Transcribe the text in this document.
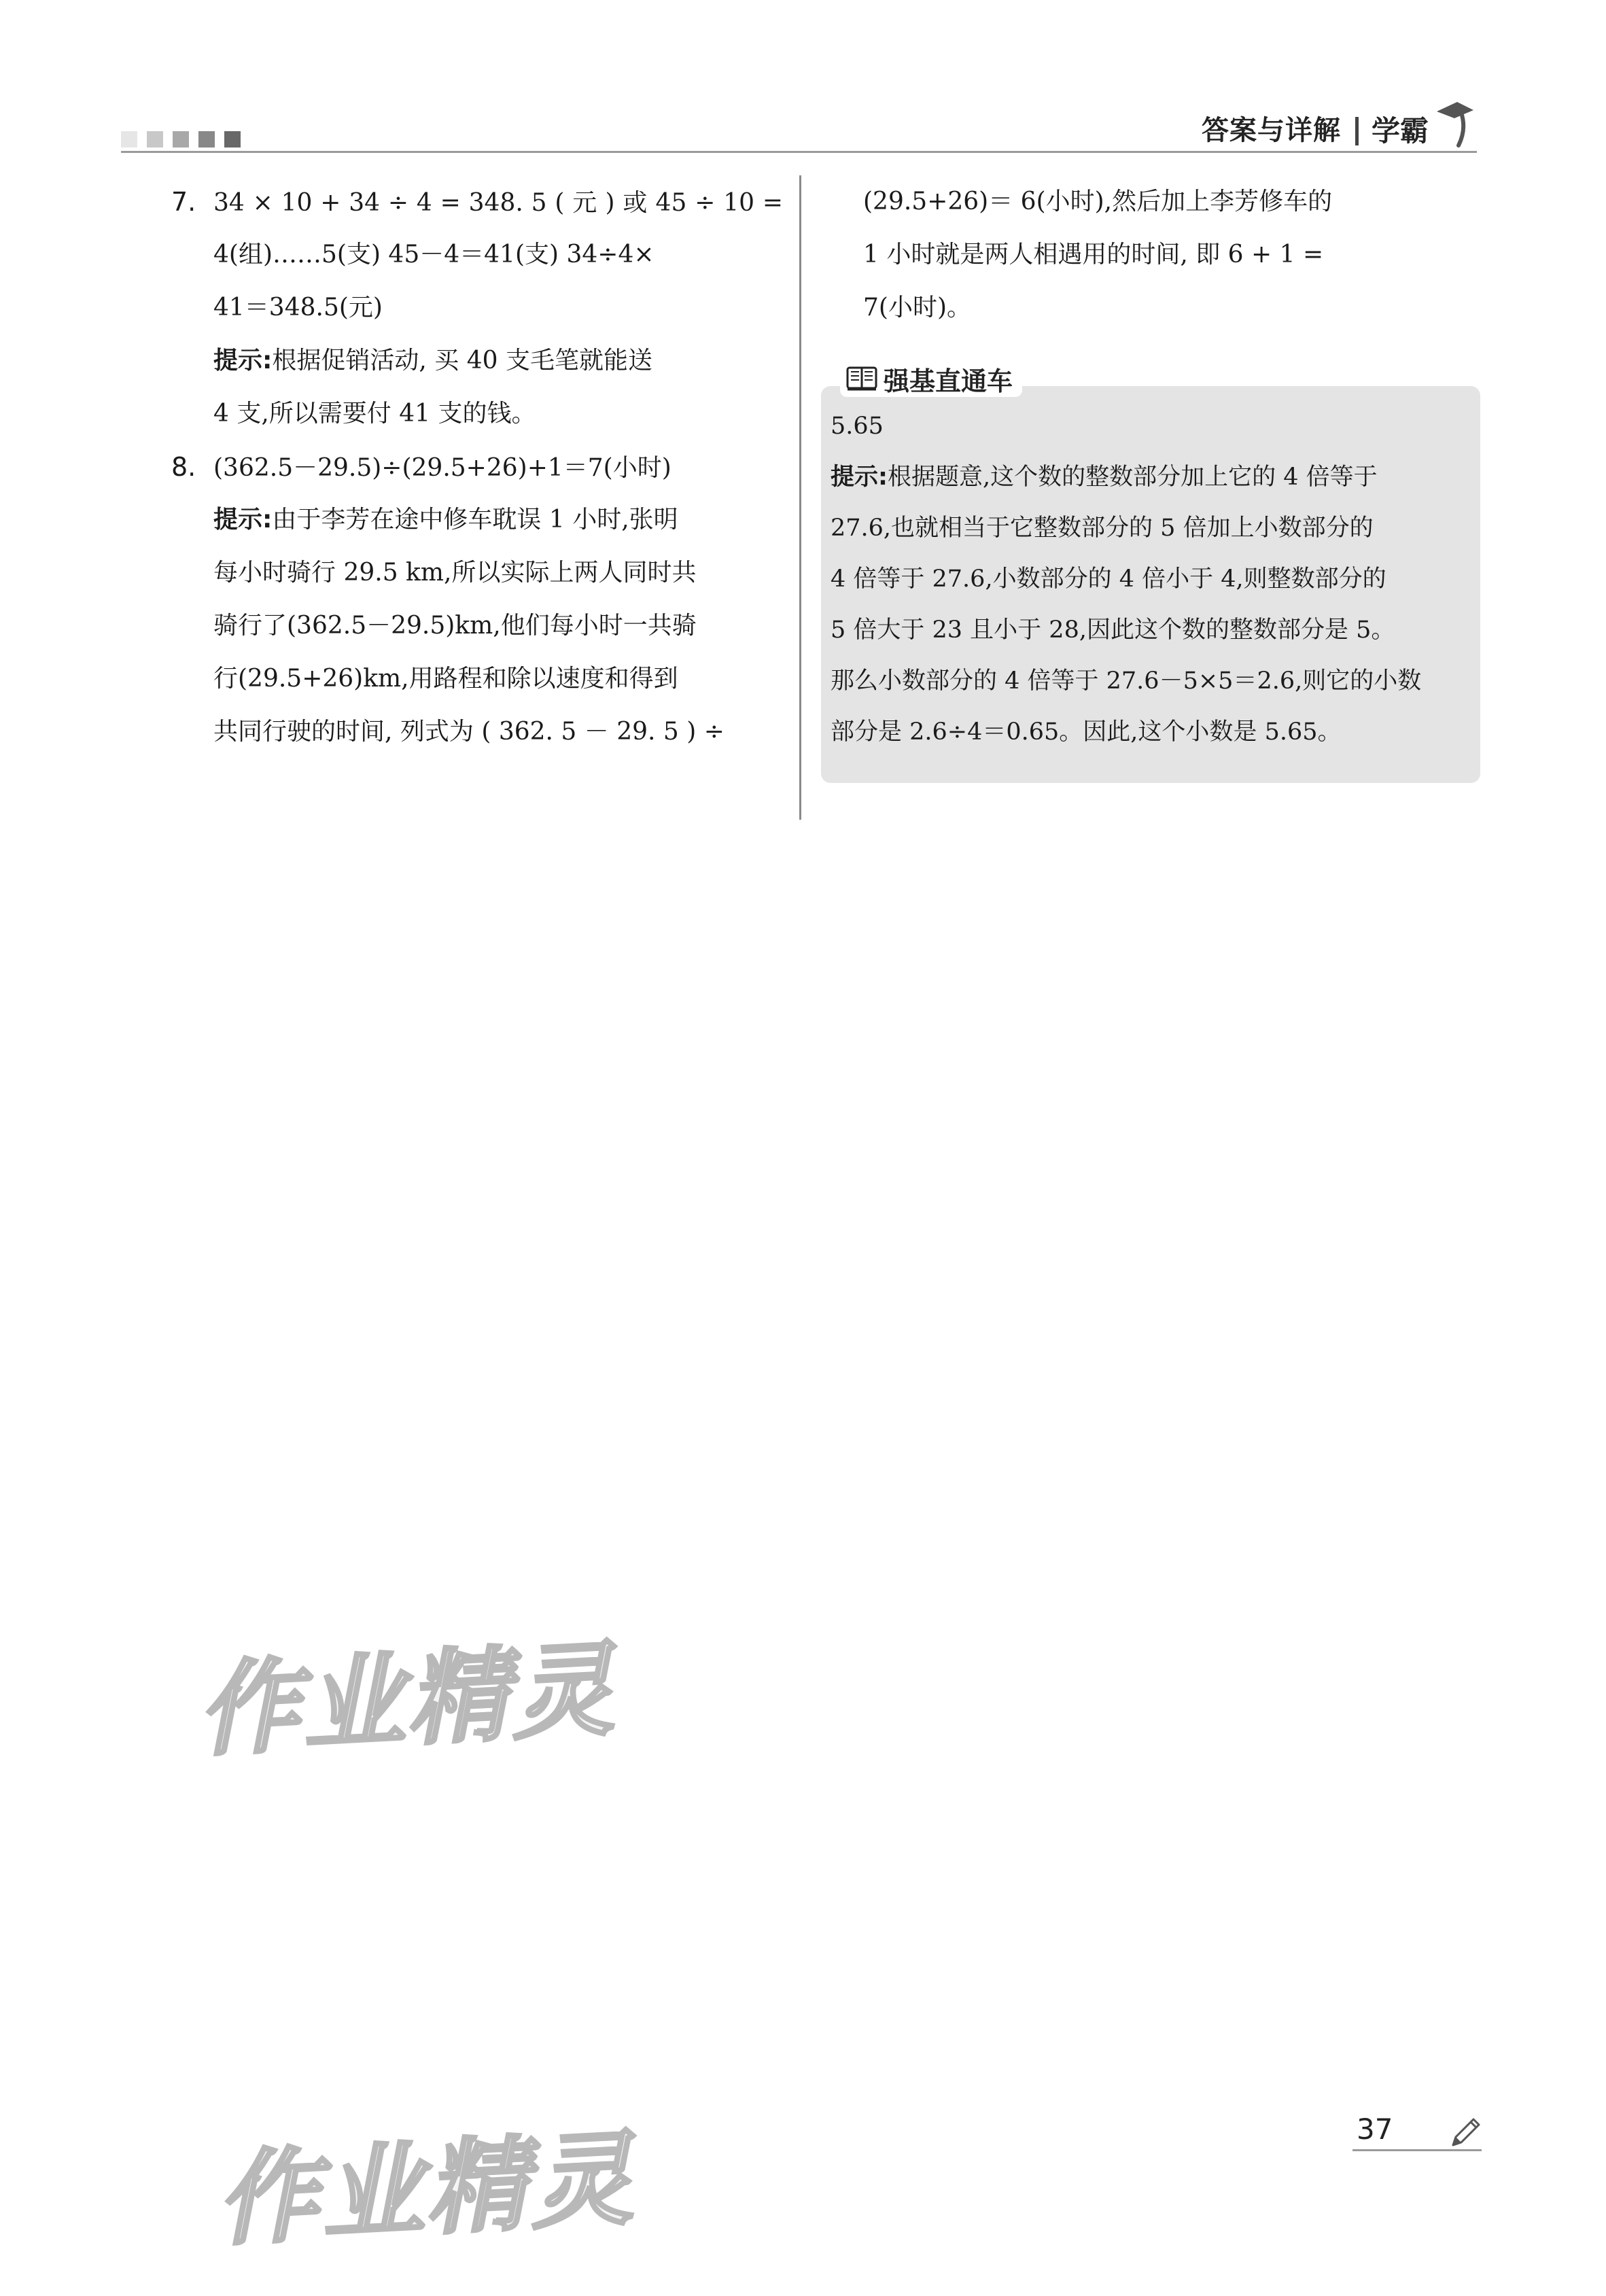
答案与详解 学霸
7. 34 × 10 + 34 ÷ 4 = 348. 5 ( 元 ) 或 45 ÷ 10 =
4(组)……5(支) 45－4＝41(支) 34÷4×
41＝348.5(元)
提示:根据促销活动, 买 40 支毛笔就能送
4 支,所以需要付 41 支的钱。
8. (362.5－29.5)÷(29.5+26)+1＝7(小时)
提示:由于李芳在途中修车耽误 1 小时,张明
每小时骑行 29.5 km,所以实际上两人同时共
骑行了(362.5－29.5)km,他们每小时一共骑
行(29.5+26)km,用路程和除以速度和得到
共同行驶的时间, 列式为 ( 362. 5 － 29. 5 ) ÷
(29.5+26)＝ 6(小时),然后加上李芳修车的
1 小时就是两人相遇用的时间, 即 6 + 1 =
7(小时)。
强基直通车
5.65
提示:根据题意,这个数的整数部分加上它的 4 倍等于
27.6,也就相当于它整数部分的 5 倍加上小数部分的
4 倍等于 27.6,小数部分的 4 倍小于 4,则整数部分的
5 倍大于 23 且小于 28,因此这个数的整数部分是 5。
那么小数部分的 4 倍等于 27.6－5×5＝2.6,则它的小数
部分是 2.6÷4＝0.65。因此,这个小数是 5.65。
作业精灵
作业精灵	37
